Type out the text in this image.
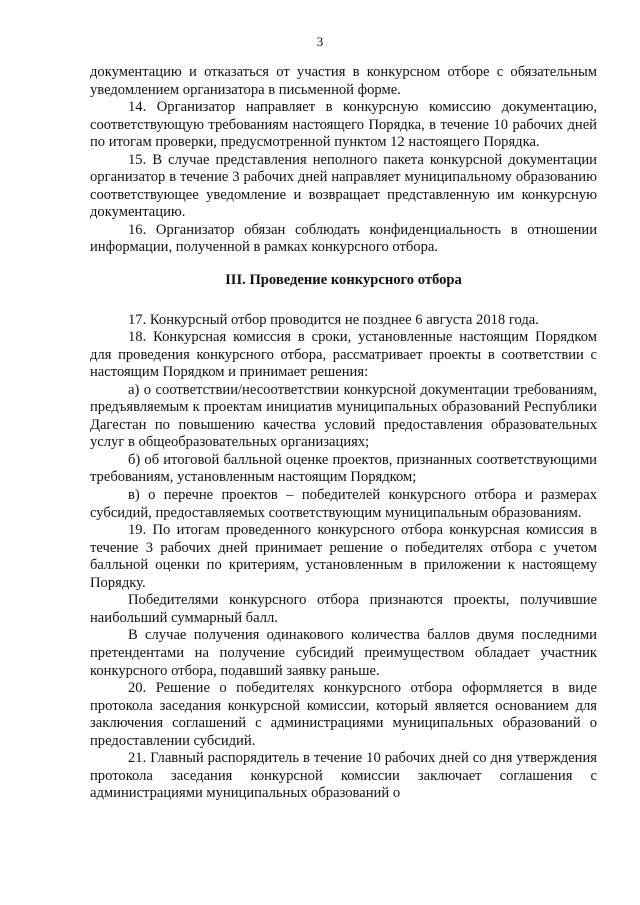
3

документацию и отказаться от участия в конкурсном отборе с обязательным уведомлением организатора в письменной форме.

14. Организатор направляет в конкурсную комиссию документацию, соответствующую требованиям настоящего Порядка, в течение 10 рабочих дней по итогам проверки, предусмотренной пунктом 12 настоящего Порядка.

15. В случае представления неполного пакета конкурсной документации организатор в течение 3 рабочих дней направляет муниципальному образованию соответствующее уведомление и возвращает представленную им конкурсную документацию.

16. Организатор обязан соблюдать конфиденциальность в отношении информации, полученной в рамках конкурсного отбора.

III. Проведение конкурсного отбора

17. Конкурсный отбор проводится не позднее 6 августа 2018 года.

18. Конкурсная комиссия в сроки, установленные настоящим Порядком для проведения конкурсного отбора, рассматривает проекты в соответствии с настоящим Порядком и принимает решения:

а) о соответствии/несоответствии конкурсной документации требованиям, предъявляемым к проектам инициатив муниципальных образований Республики Дагестан по повышению качества условий предоставления образовательных услуг в общеобразовательных организациях;

б) об итоговой балльной оценке проектов, признанных соответствующими требованиям, установленным настоящим Порядком;

в) о перечне проектов – победителей конкурсного отбора и размерах субсидий, предоставляемых соответствующим муниципальным образованиям.

19. По итогам проведенного конкурсного отбора конкурсная комиссия в течение 3 рабочих дней принимает решение о победителях отбора с учетом балльной оценки по критериям, установленным в приложении к настоящему Порядку.

Победителями конкурсного отбора признаются проекты, получившие наибольший суммарный балл.

В случае получения одинакового количества баллов двумя последними претендентами на получение субсидий преимуществом обладает участник конкурсного отбора, подавший заявку раньше.

20. Решение о победителях конкурсного отбора оформляется в виде протокола заседания конкурсной комиссии, который является основанием для заключения соглашений с администрациями муниципальных образований о предоставлении субсидий.

21. Главный распорядитель в течение 10 рабочих дней со дня утверждения протокола заседания конкурсной комиссии заключает соглашения с администрациями муниципальных образований о
